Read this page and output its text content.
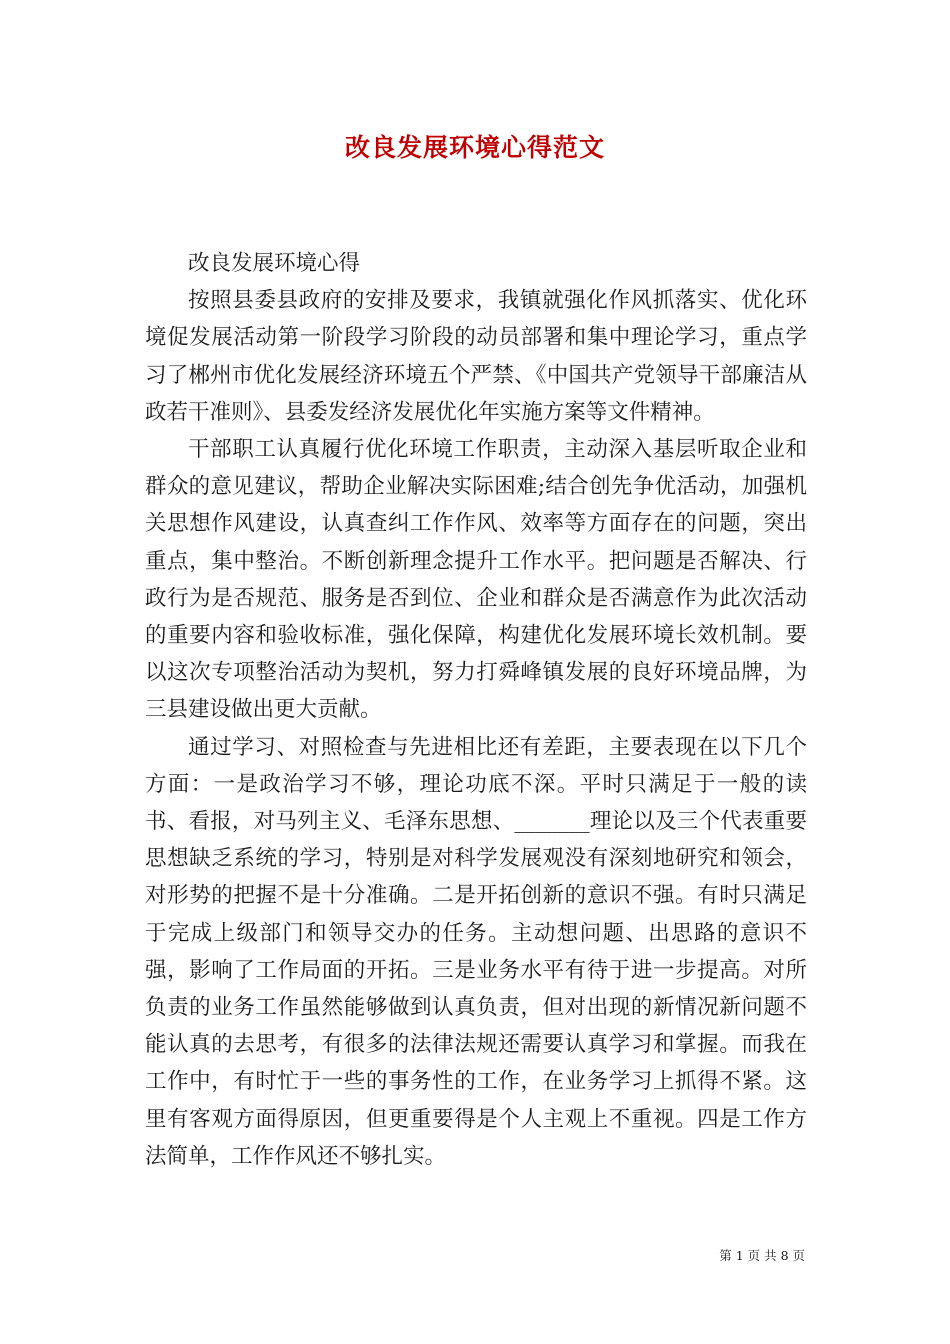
改良发展环境心得范文

改良发展环境心得

按照县委县政府的安排及要求，我镇就强化作风抓落实、优化环境促发展活动第一阶段学习阶段的动员部署和集中理论学习，重点学习了郴州市优化发展经济环境五个严禁、《中国共产党领导干部廉洁从政若干准则》、县委发经济发展优化年实施方案等文件精神。

干部职工认真履行优化环境工作职责，主动深入基层听取企业和群众的意见建议，帮助企业解决实际困难;结合创先争优活动，加强机关思想作风建设，认真查纠工作作风、效率等方面存在的问题，突出重点，集中整治。不断创新理念提升工作水平。把问题是否解决、行政行为是否规范、服务是否到位、企业和群众是否满意作为此次活动的重要内容和验收标准，强化保障，构建优化发展环境长效机制。要以这次专项整治活动为契机，努力打舜峰镇发展的良好环境品牌，为三县建设做出更大贡献。

通过学习、对照检查与先进相比还有差距，主要表现在以下几个方面：一是政治学习不够，理论功底不深。平时只满足于一般的读书、看报，对马列主义、毛泽东思想、_______理论以及三个代表重要思想缺乏系统的学习，特别是对科学发展观没有深刻地研究和领会，对形势的把握不是十分准确。二是开拓创新的意识不强。有时只满足于完成上级部门和领导交办的任务。主动想问题、出思路的意识不强，影响了工作局面的开拓。三是业务水平有待于进一步提高。对所负责的业务工作虽然能够做到认真负责，但对出现的新情况新问题不能认真的去思考，有很多的法律法规还需要认真学习和掌握。而我在工作中，有时忙于一些的事务性的工作，在业务学习上抓得不紧。这里有客观方面得原因，但更重要得是个人主观上不重视。四是工作方法简单，工作作风还不够扎实。

第 1 页 共 8 页
